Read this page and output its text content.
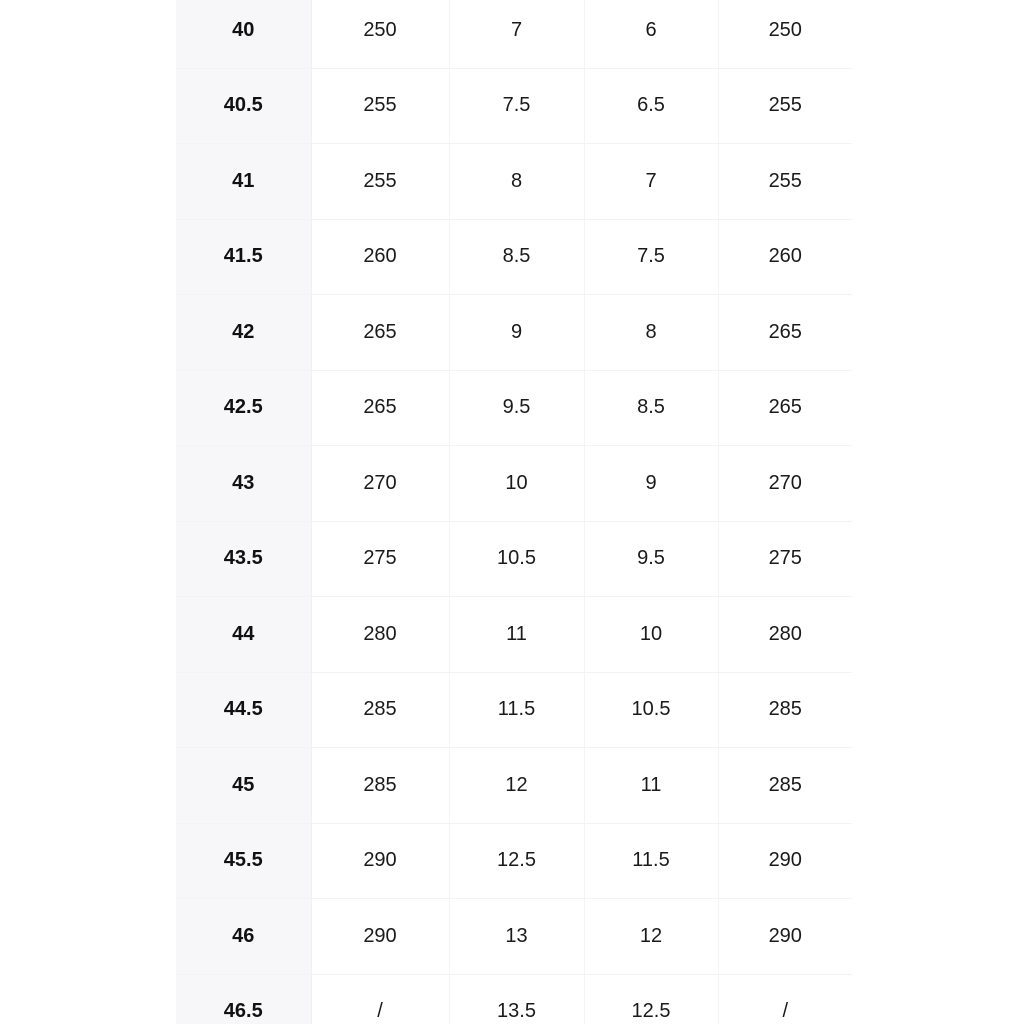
40	250	7	6	250
40.5	255	7.5	6.5	255
41	255	8	7	255
41.5	260	8.5	7.5	260
42	265	9	8	265
42.5	265	9.5	8.5	265
43	270	10	9	270
43.5	275	10.5	9.5	275
44	280	11	10	280
44.5	285	11.5	10.5	285
45	285	12	11	285
45.5	290	12.5	11.5	290
46	290	13	12	290
46.5	/	13.5	12.5	/
